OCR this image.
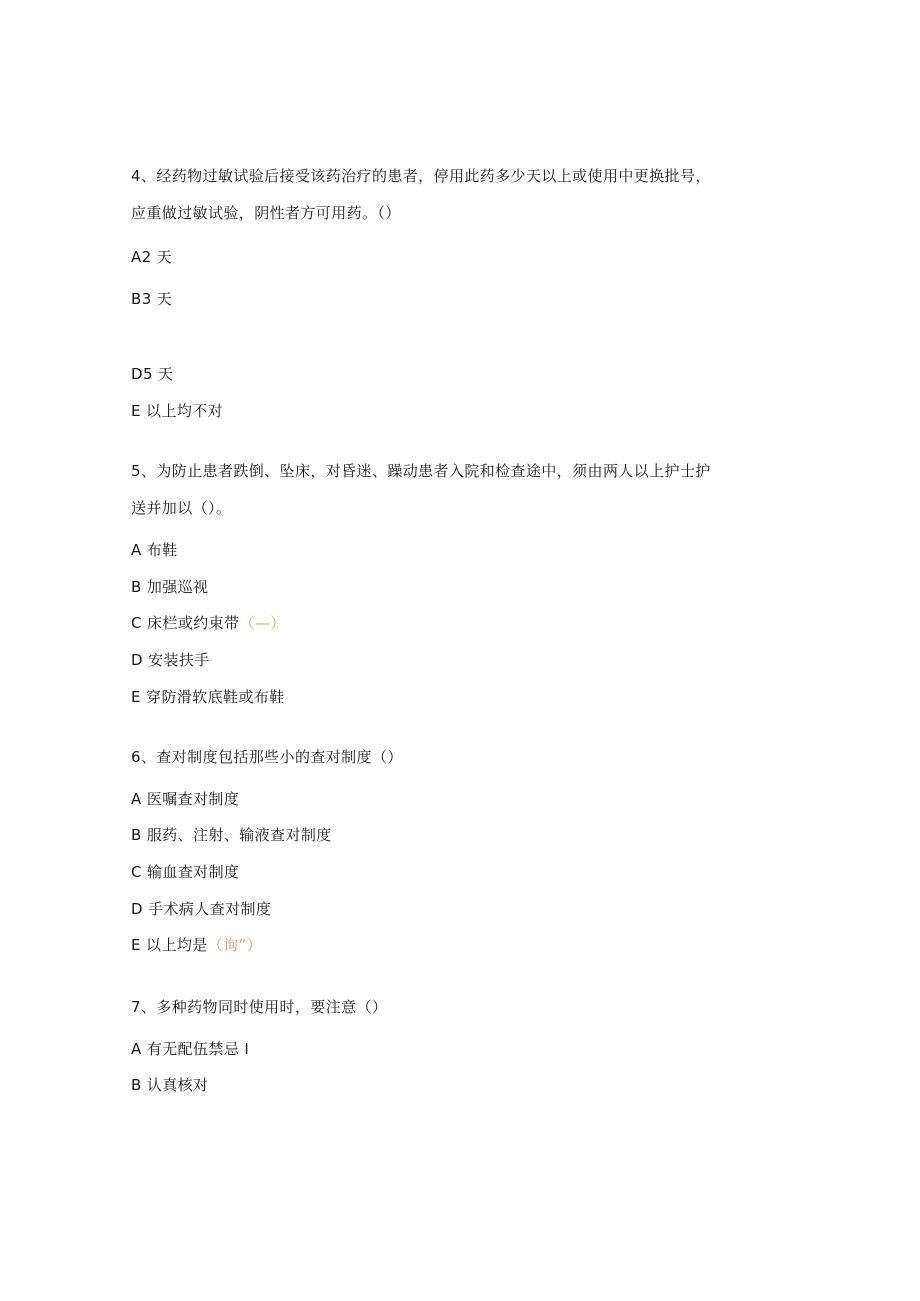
4、经药物过敏试验后接受该药治疗的患者，停用此药多少天以上或使用中更换批号，
应重做过敏试验，阴性者方可用药。（）
A2 天
B3 天
D5 天
E 以上均不对
5、为防止患者跌倒、坠床，对昏迷、躁动患者入院和检查途中，须由两人以上护士护
送并加以（）。
A 布鞋
B 加强巡视
C 床栏或约束带（—）
D 安装扶手
E 穿防滑软底鞋或布鞋
6、查对制度包括那些小的查对制度（）
A 医嘱查对制度
B 服药、注射、输液查对制度
C 输血查对制度
D 手术病人查对制度
E 以上均是（询“）
7、多种药物同时使用时，要注意（）
A 有无配伍禁忌 I
B 认真核对
